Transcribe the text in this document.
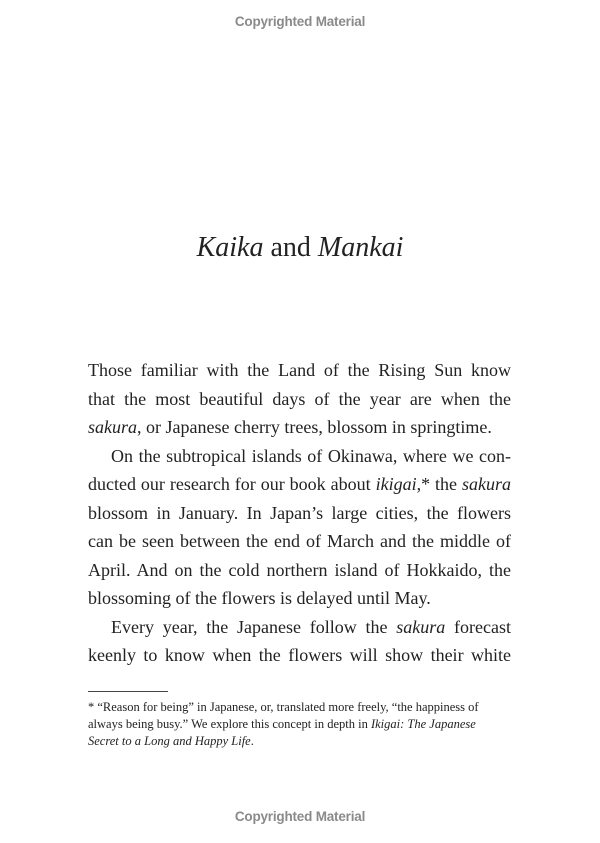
Copyrighted Material
Kaika and Mankai
Those familiar with the Land of the Rising Sun know
that the most beautiful days of the year are when the
sakura, or Japanese cherry trees, blossom in springtime.
On the subtropical islands of Okinawa, where we con-
ducted our research for our book about ikigai,* the sakura
blossom in January. In Japan’s large cities, the flowers
can be seen between the end of March and the middle of
April. And on the cold northern island of Hokkaido, the
blossoming of the flowers is delayed until May.
Every year, the Japanese follow the sakura forecast
keenly to know when the flowers will show their white
* “Reason for being” in Japanese, or, translated more freely, “the happiness of
always being busy.” We explore this concept in depth in Ikigai: The Japanese
Secret to a Long and Happy Life.
Copyrighted Material
